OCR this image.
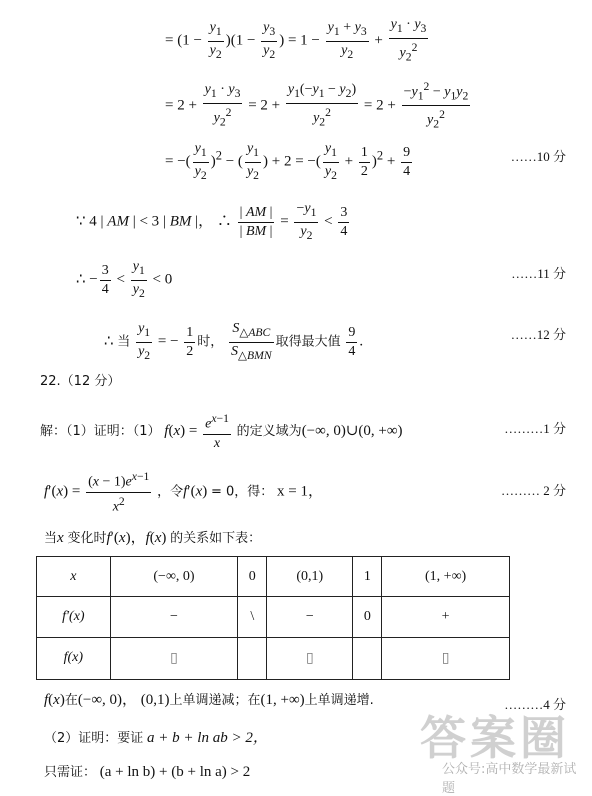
= $(1 - \frac{y_1}{y_2} )(1 - \frac{y_3}{y_2}$ ) = $1 - \frac{y_1 + y_3}{y_2} + \frac{y_1 \cdot y_3}{y_2^2}$
= $2 + \frac{y_1 \cdot y_3}{y_2^2} = 2 + \frac{y_1(-y_1 - y_2)}{y_2^2} = 2 + \frac{-y_1^2 - y_1y_2}{y_2^2}$
= −( $\frac{y_1}{y_2} )^2$ − ( $\frac{y_1}{y_2}$ ) + 2 = −( $\frac{y_1}{y_2} + \frac{1}{2} )^2 + \frac{9}{4}$	……10 分
∵ 4 | AM | < 3 | BM |， ∴ $\frac{| AM |}{| BM |} = \frac{-y_1}{y_2} < \frac{3}{4}$
∴ − $\frac{3}{4} < \frac{y_1}{y_2} < 0$	……11 分
∴ 当 $\frac{y_1}{y_2}$ = − $\frac{1}{2}$ 时， $\frac{S_{\triangle ABC}}{S_{\triangle BMN}}$ 取得最大值 $\frac{9}{4}$ .	……12 分
22.（12 分）
解：（1）证明：（1） $f(x) = \frac{e^{x-1}}{x}$ 的定义域为(−∞, 0)∪(0, +∞)	………1 分
$f'(x) = \frac{(x - 1)e^{x-1}}{x^2}$ ，令f′(x) = 0，得： x = 1，	……… 2 分
当x 变化时f′(x)，f(x) 的关系如下表：
x	(−∞, 0)	0	(0,1)	1	(1, +∞)
f′(x)	−	\	−	0	+
f(x)	▯		▯		▯
f(x)在(−∞, 0)， (0,1)上单调递减；在(1, +∞)上单调递增.	………4 分
（2）证明：要证 a + b + ln ab > 2，
只需证： (a + ln b) + (b + ln a) > 2
答案圈
公众号:高中数学最新试题
